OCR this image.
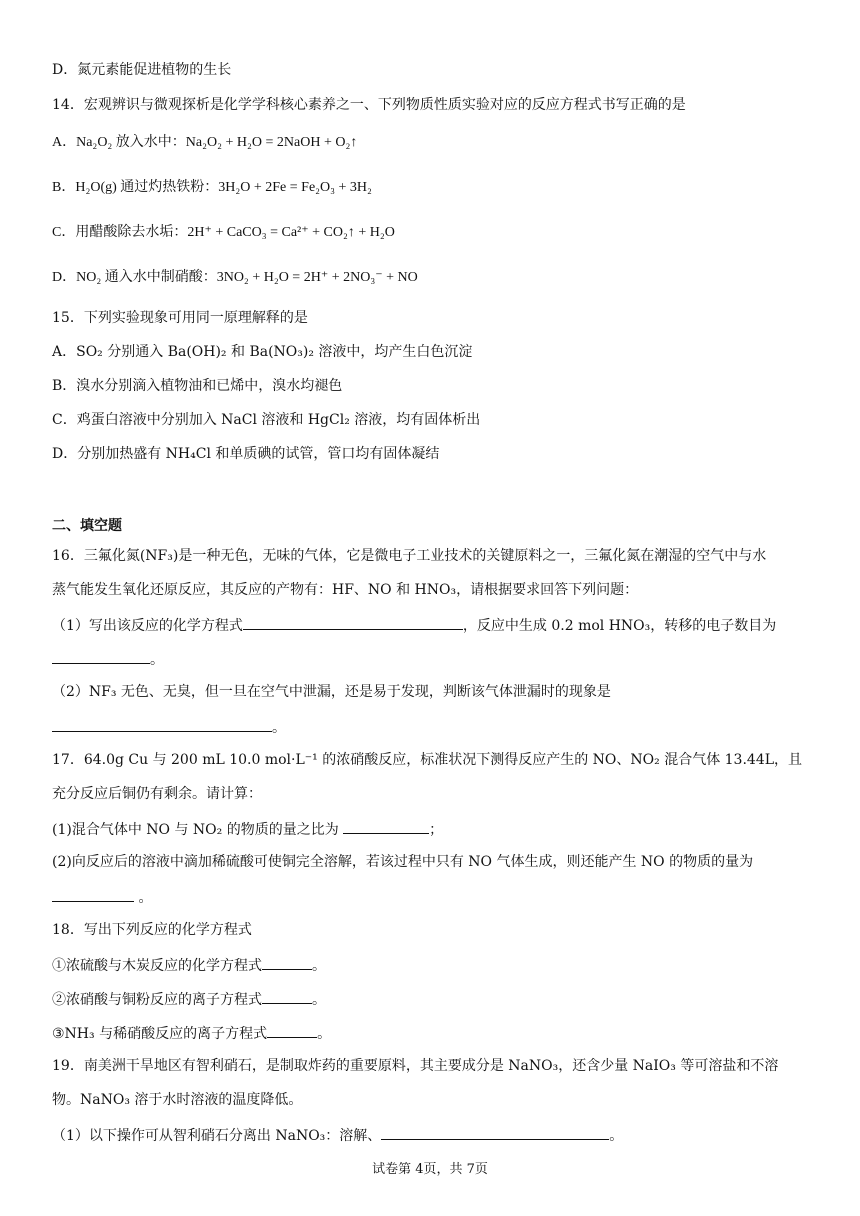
D．氮元素能促进植物的生长
14．宏观辨识与微观探析是化学学科核心素养之一、下列物质性质实验对应的反应方程式书写正确的是
A．Na₂O₂ 放入水中：Na₂O₂ + H₂O = 2NaOH + O₂↑
B．H₂O(g) 通过灼热铁粉：3H₂O + 2Fe = Fe₂O₃ + 3H₂
C．用醋酸除去水垢：2H⁺ + CaCO₃ = Ca²⁺ + CO₂↑ + H₂O
D．NO₂ 通入水中制硝酸：3NO₂ + H₂O = 2H⁺ + 2NO₃⁻ + NO
15．下列实验现象可用同一原理解释的是
A．SO₂ 分别通入 Ba(OH)₂ 和 Ba(NO₃)₂ 溶液中，均产生白色沉淀
B．溴水分别滴入植物油和已烯中，溴水均褪色
C．鸡蛋白溶液中分别加入 NaCl 溶液和 HgCl₂ 溶液，均有固体析出
D．分别加热盛有 NH₄Cl 和单质碘的试管，管口均有固体凝结
二、填空题
16．三氟化氮(NF₃)是一种无色，无味的气体，它是微电子工业技术的关键原料之一，三氟化氮在潮湿的空气中与水
蒸气能发生氧化还原反应，其反应的产物有：HF、NO 和 HNO₃，请根据要求回答下列问题：
（1）写出该反应的化学方程式	，反应中生成 0.2 mol HNO₃，转移的电子数目为
。
（2）NF₃ 无色、无臭，但一旦在空气中泄漏，还是易于发现，判断该气体泄漏时的现象是
。
17．64.0g Cu 与 200 mL 10.0 mol·L⁻¹ 的浓硝酸反应，标准状况下测得反应产生的 NO、NO₂ 混合气体 13.44L，且
充分反应后铜仍有剩余。请计算：
(1)混合气体中 NO 与 NO₂ 的物质的量之比为	；
(2)向反应后的溶液中滴加稀硫酸可使铜完全溶解，若该过程中只有 NO 气体生成，则还能产生 NO 的物质的量为
。
18．写出下列反应的化学方程式
①浓硫酸与木炭反应的化学方程式	。
②浓硝酸与铜粉反应的离子方程式	。
③NH₃ 与稀硝酸反应的离子方程式	。
19．南美洲干旱地区有智利硝石，是制取炸药的重要原料，其主要成分是 NaNO₃，还含少量 NaIO₃ 等可溶盐和不溶
物。NaNO₃ 溶于水时溶液的温度降低。
（1）以下操作可从智利硝石分离出 NaNO₃：溶解、	。
试卷第 4页，共 7页
